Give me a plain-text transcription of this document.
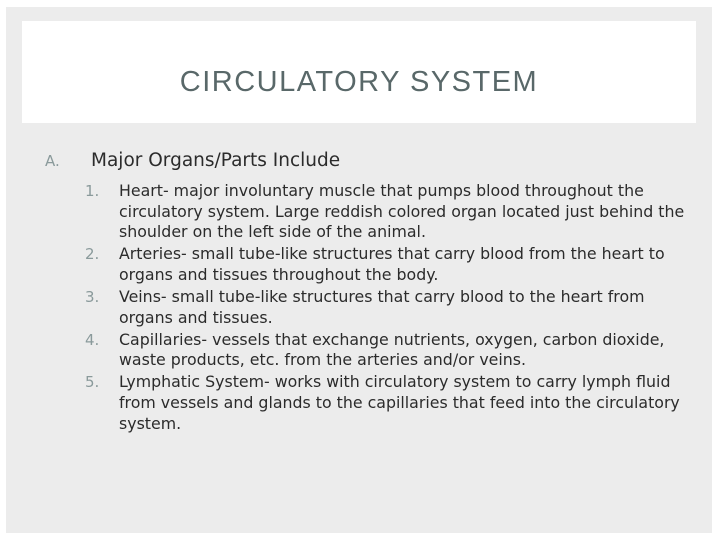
CIRCULATORY SYSTEM
A.	Major Organs/Parts Include
1.	Heart- major involuntary muscle that pumps blood throughout the circulatory system. Large reddish colored organ located just behind the shoulder on the left side of the animal.
2.	Arteries- small tube-like structures that carry blood from the heart to organs and tissues throughout the body.
3.	Veins- small tube-like structures that carry blood to the heart from organs and tissues.
4.	Capillaries- vessels that exchange nutrients, oxygen, carbon dioxide, waste products, etc. from the arteries and/or veins.
5.	Lymphatic System- works with circulatory system to carry lymph fluid from vessels and glands to the capillaries that feed into the circulatory system.
